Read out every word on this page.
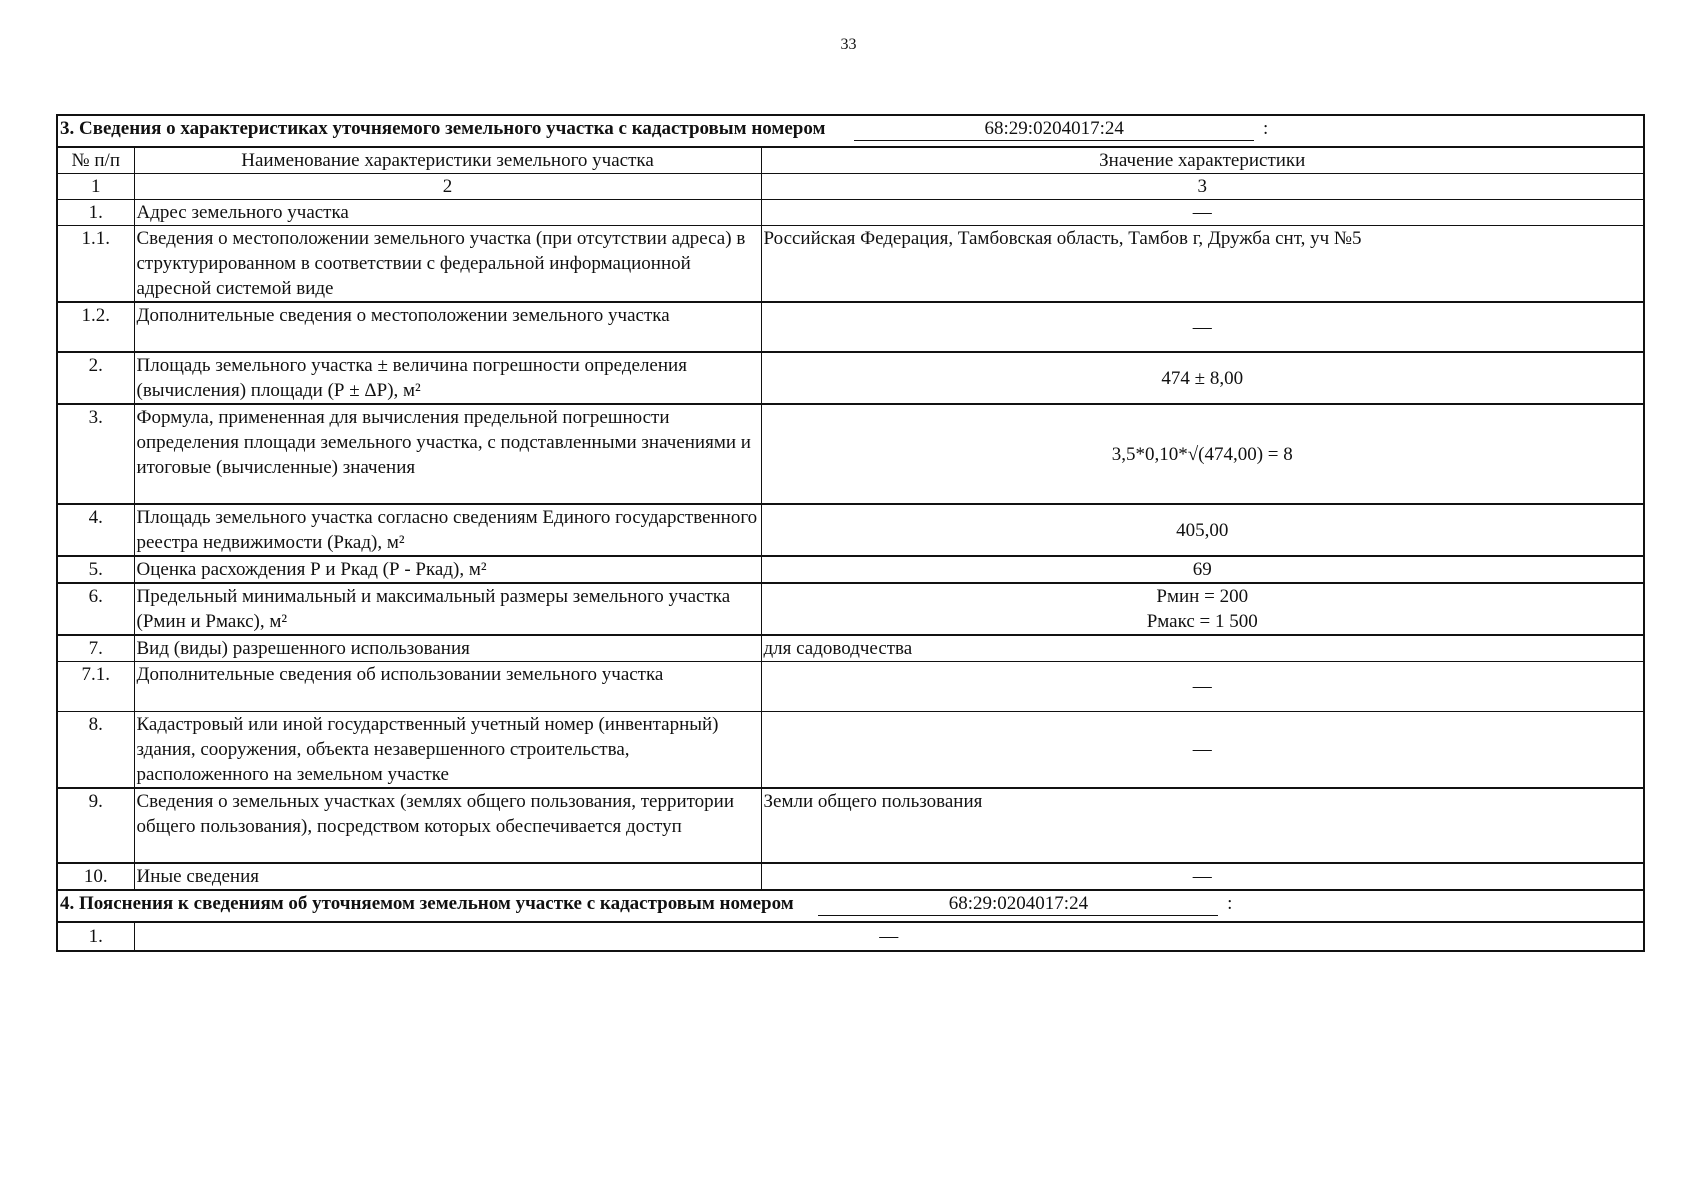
33
3. Сведения о характеристиках уточняемого земельного участка с кадастровым номером 68:29:0204017:24 :		
№ п/п	Наименование характеристики земельного участка	Значение характеристики
1	2	3
1.	Адрес земельного участка	—
1.1.	Сведения о местоположении земельного участка (при отсутствии адреса) в структурированном в соответствии с федеральной информационной адресной системой виде	Российская Федерация, Тамбовская область, Тамбов г, Дружба снт, уч №5
1.2.	Дополнительные сведения о местоположении земельного участка	—
2.	Площадь земельного участка ± величина погрешности определения (вычисления) площади (Р ± ΔР), м²	474 ± 8,00
3.	Формула, примененная для вычисления предельной погрешности определения площади земельного участка, с подставленными значениями и итоговые (вычисленные) значения	3,5*0,10*√(474,00) = 8
4.	Площадь земельного участка согласно сведениям Единого государственного реестра недвижимости (Ркад), м²	405,00
5.	Оценка расхождения Р и Ркад (Р - Ркад), м²	69
6.	Предельный минимальный и максимальный размеры земельного участка (Рмин и Рмакс), м²	Рмин = 200
Рмакс = 1 500

7.	Вид (виды) разрешенного использования	для садоводчества
7.1.	Дополнительные сведения об использовании земельного участка	—
8.	Кадастровый или иной государственный учетный номер (инвентарный) здания, сооружения, объекта незавершенного строительства, расположенного на земельном участке	—
9.	Сведения о земельных участках (землях общего пользования, территории общего пользования), посредством которых обеспечивается доступ	Земли общего пользования
10.	Иные сведения	—
4. Пояснения к сведениям об уточняемом земельном участке с кадастровым номером 68:29:0204017:24 :		
1.	—	
